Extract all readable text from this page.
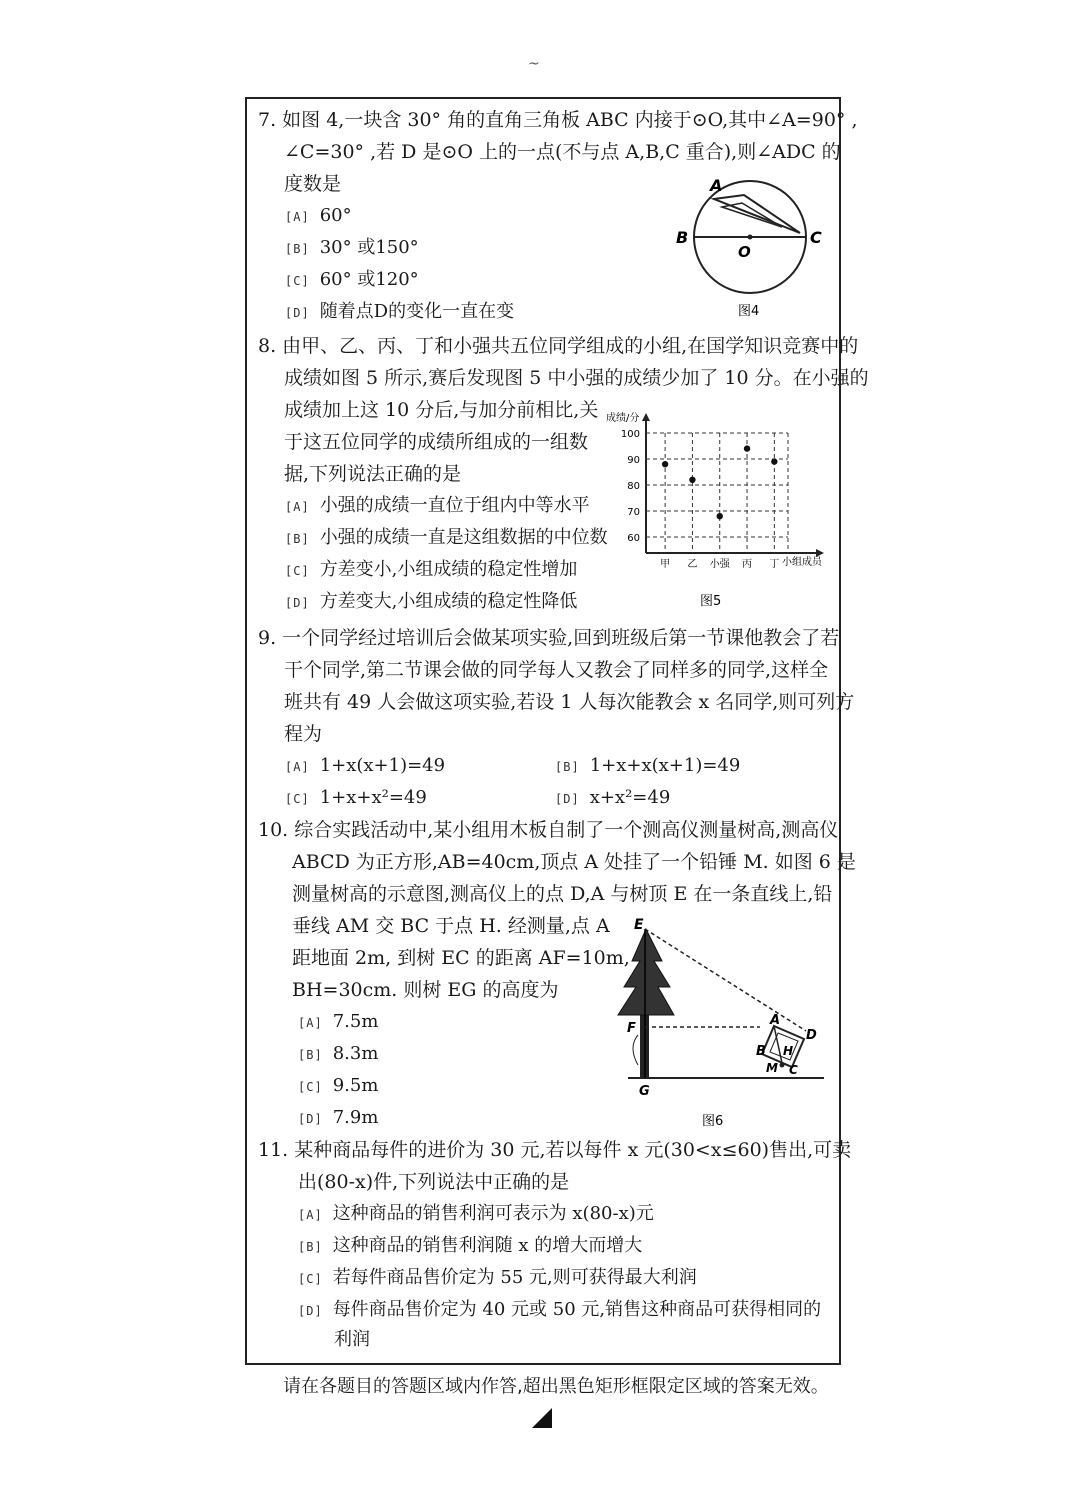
~
7. 如图 4,一块含 30° 角的直角三角板 ABC 内接于⊙O,其中∠A=90° ,
∠C=30° ,若 D 是⊙O 上的一点(不与点 A,B,C 重合),则∠ADC 的
度数是
[A] 60°
[B] 30° 或150°
[C] 60° 或120°
[D] 随着点D的变化一直在变
A
B	C
O
图4
8. 由甲、乙、丙、丁和小强共五位同学组成的小组,在国学知识竞赛中的
成绩如图 5 所示,赛后发现图 5 中小强的成绩少加了 10 分。在小强的
成绩加上这 10 分后,与加分前相比,关
于这五位同学的成绩所组成的一组数
据,下列说法正确的是
[A] 小强的成绩一直位于组内中等水平
[B] 小强的成绩一直是这组数据的中位数
[C] 方差变小,小组成绩的稳定性增加
[D] 方差变大,小组成绩的稳定性降低
成绩/分
小组成员
图5
60
70
80
90
100
甲 乙 小强 丙 丁
9. 一个同学经过培训后会做某项实验,回到班级后第一节课他教会了若
干个同学,第二节课会做的同学每人又教会了同样多的同学,这样全
班共有 49 人会做这项实验,若设 1 人每次能教会 x 名同学,则可列方
程为
[A] 1+x(x+1)=49	[B] 1+x+x(x+1)=49
[C] 1+x+x²=49	[D] x+x²=49
10. 综合实践活动中,某小组用木板自制了一个测高仪测量树高,测高仪
ABCD 为正方形,AB=40cm,顶点 A 处挂了一个铅锤 M. 如图 6 是
测量树高的示意图,测高仪上的点 D,A 与树顶 E 在一条直线上,铅
垂线 AM 交 BC 于点 H. 经测量,点 A
距地面 2m, 到树 EC 的距离 AF=10m,
BH=30cm. 则树 EG 的高度为
[A] 7.5m
[B] 8.3m
[C] 9.5m
[D] 7.9m
E
F
G
A
D
B H
M C
图6
11. 某种商品每件的进价为 30 元,若以每件 x 元(30<x≤60)售出,可卖
出(80-x)件,下列说法中正确的是
[A] 这种商品的销售利润可表示为 x(80-x)元
[B] 这种商品的销售利润随 x 的增大而增大
[C] 若每件商品售价定为 55 元,则可获得最大利润
[D] 每件商品售价定为 40 元或 50 元,销售这种商品可获得相同的
利润
请在各题目的答题区域内作答,超出黑色矩形框限定区域的答案无效。
